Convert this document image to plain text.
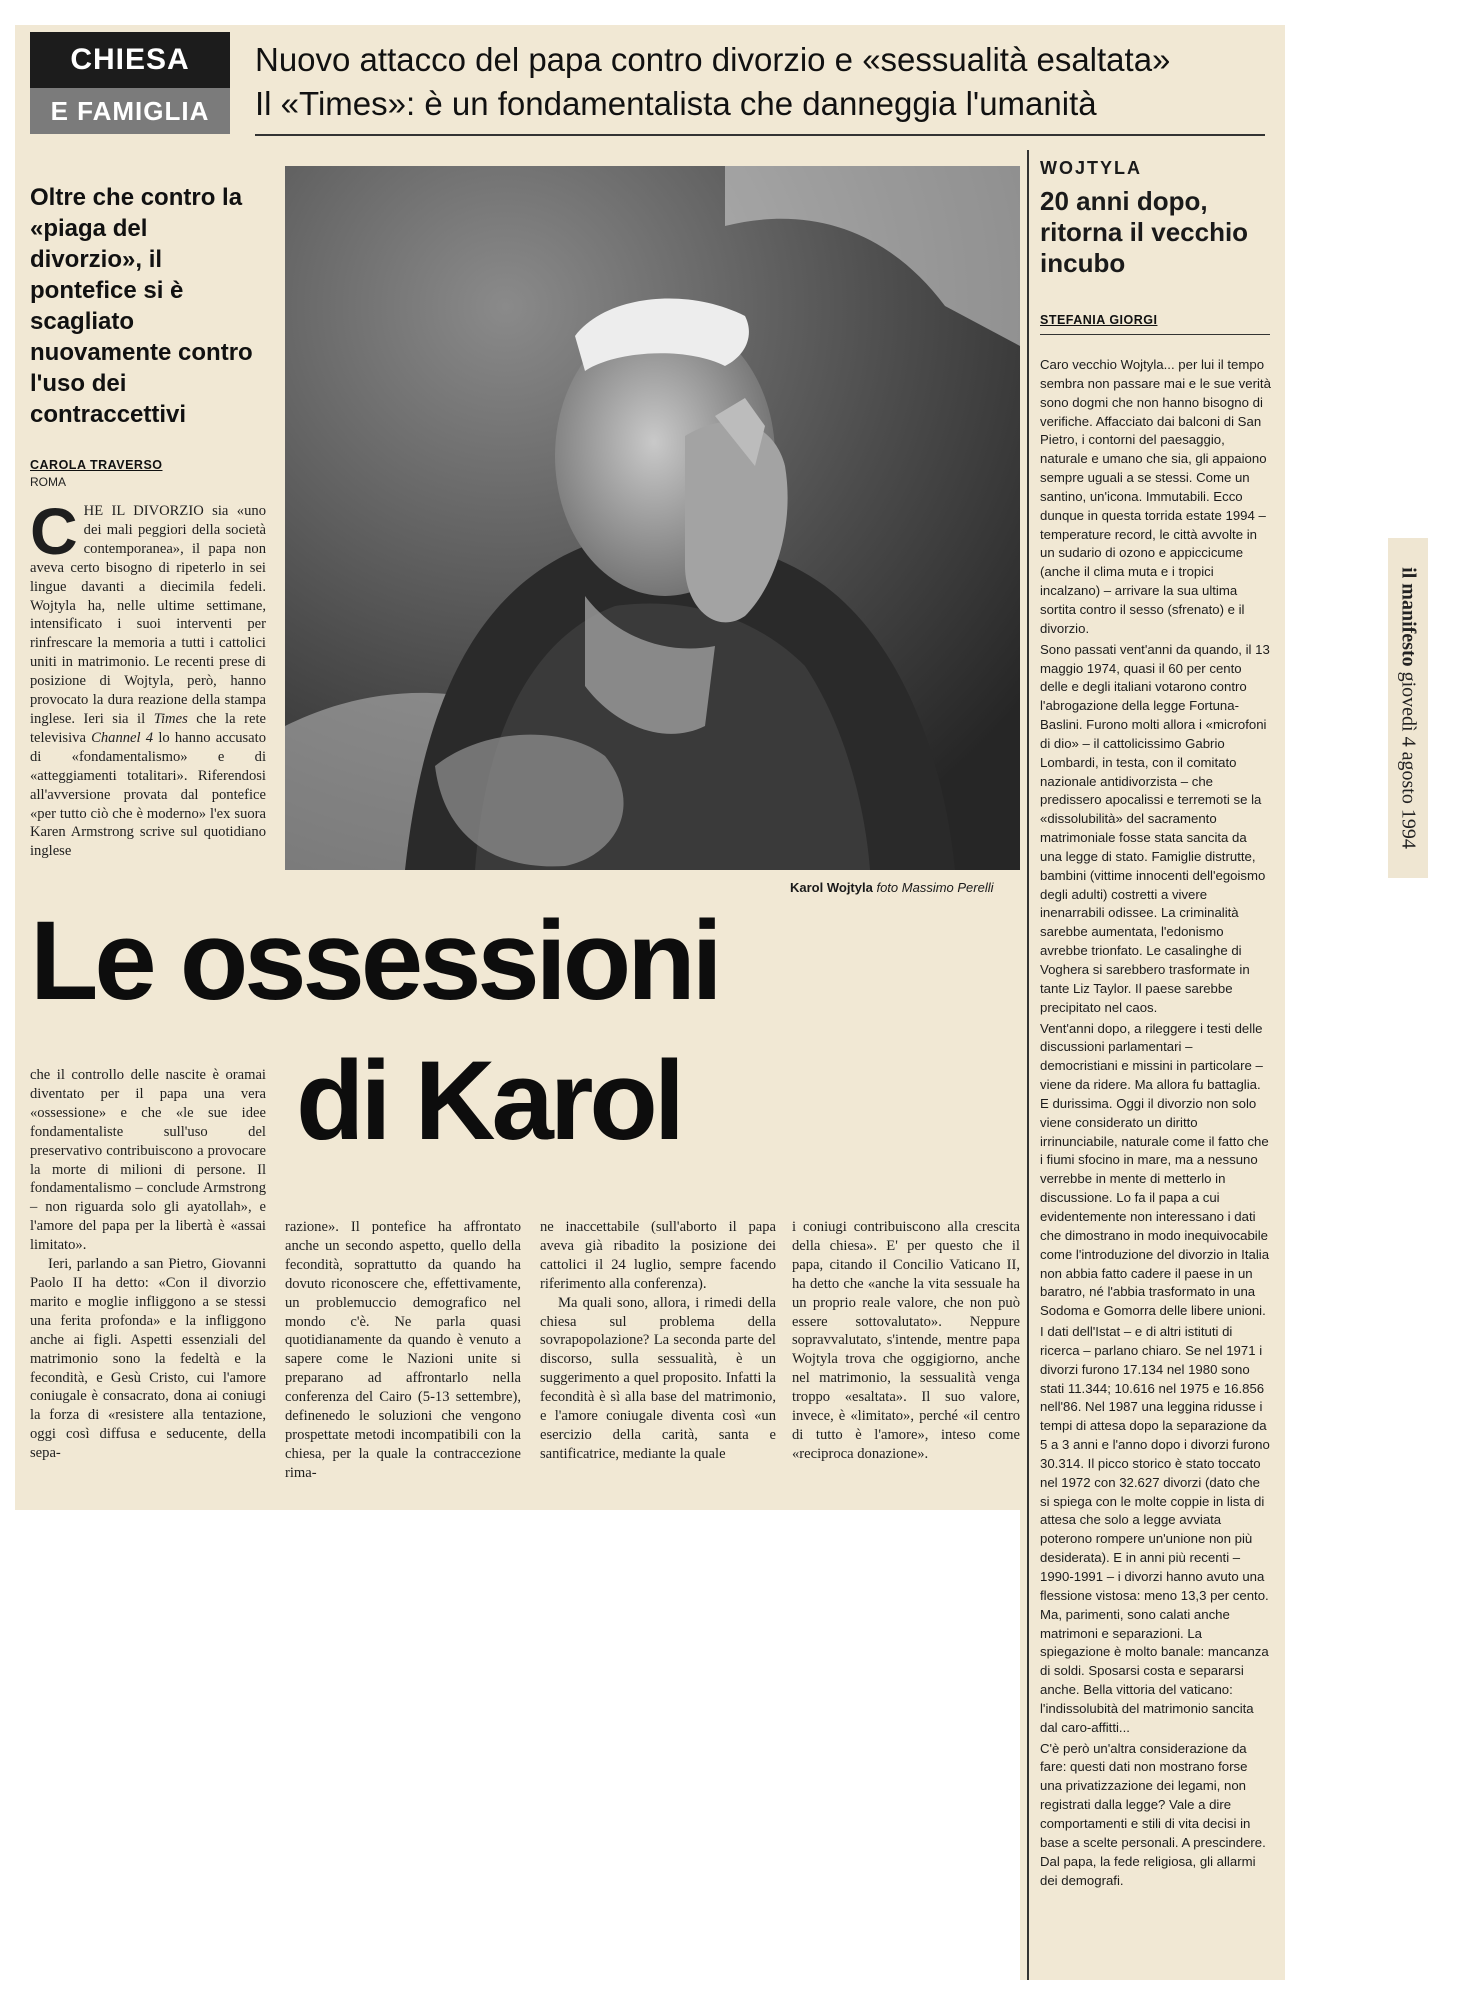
CHIESA
E FAMIGLIA
Nuovo attacco del papa contro divorzio e «sessualità esaltata»
Il «Times»: è un fondamentalista che danneggia l'umanità
Oltre che contro la «piaga del divorzio», il pontefice si è scagliato nuovamente contro l'uso dei contraccettivi
CAROLA TRAVERSO
ROMA

CHE IL DIVORZIO sia «uno dei mali peggiori della società contemporanea», il papa non aveva certo bisogno di ripeterlo in sei lingue davanti a diecimila fedeli. Wojtyla ha, nelle ultime settimane, intensificato i suoi interventi per rinfrescare la memoria a tutti i cattolici uniti in matrimonio. Le recenti prese di posizione di Wojtyla, però, hanno provocato la dura reazione della stampa inglese. Ieri sia il Times che la rete televisiva Channel 4 lo hanno accusato di «fondamentalismo» e di «atteggiamenti totalitari». Riferendosi all'avversione provata dal pontefice «per tutto ciò che è moderno» l'ex suora Karen Armstrong scrive sul quotidiano inglese

Karol Wojtyla foto Massimo Perelli
Le ossessioni
di Karol

che il controllo delle nascite è oramai diventato per il papa una vera «ossessione» e che «le sue idee fondamentaliste sull'uso del preservativo contribuiscono a provocare la morte di milioni di persone. Il fondamentalismo – conclude Armstrong – non riguarda solo gli ayatollah», e l'amore del papa per la libertà è «assai limitato».

Ieri, parlando a san Pietro, Giovanni Paolo II ha detto: «Con il divorzio marito e moglie infliggono a se stessi una ferita profonda» e la infliggono anche ai figli. Aspetti essenziali del matrimonio sono la fedeltà e la fecondità, e Gesù Cristo, cui l'amore coniugale è consacrato, dona ai coniugi la forza di «resistere alla tentazione, oggi così diffusa e seducente, della sepa-

razione». Il pontefice ha affrontato anche un secondo aspetto, quello della fecondità, soprattutto da quando ha dovuto riconoscere che, effettivamente, un problemuccio demografico nel mondo c'è. Ne parla quasi quotidianamente da quando è venuto a sapere come le Nazioni unite si preparano ad affrontarlo nella conferenza del Cairo (5-13 settembre), definenedo le soluzioni che vengono prospettate metodi incompatibili con la chiesa, per la quale la contraccezione rima-

ne inaccettabile (sull'aborto il papa aveva già ribadito la posizione dei cattolici il 24 luglio, sempre facendo riferimento alla conferenza).

Ma quali sono, allora, i rimedi della chiesa sul problema della sovrapopolazione? La seconda parte del discorso, sulla sessualità, è un suggerimento a quel proposito. Infatti la fecondità è sì alla base del matrimonio, e l'amore coniugale diventa così «un esercizio della carità, santa e santificatrice, mediante la quale

i coniugi contribuiscono alla crescita della chiesa». E' per questo che il papa, citando il Concilio Vaticano II, ha detto che «anche la vita sessuale ha un proprio reale valore, che non può essere sottovalutato». Neppure sopravvalutato, s'intende, mentre papa Wojtyla trova che oggigiorno, anche nel matrimonio, la sessualità venga troppo «esaltata». Il suo valore, invece, è «limitato», perché «il centro di tutto è l'amore», inteso come «reciproca donazione».

WOJTYLA
20 anni dopo, ritorna il vecchio incubo
STEFANIA GIORGI

Caro vecchio Wojtyla... per lui il tempo sembra non passare mai e le sue verità sono dogmi che non hanno bisogno di verifiche. Affacciato dai balconi di San Pietro, i contorni del paesaggio, naturale e umano che sia, gli appaiono sempre uguali a se stessi. Come un santino, un'icona. Immutabili. Ecco dunque in questa torrida estate 1994 – temperature record, le città avvolte in un sudario di ozono e appiccicume (anche il clima muta e i tropici incalzano) – arrivare la sua ultima sortita contro il sesso (sfrenato) e il divorzio.

Sono passati vent'anni da quando, il 13 maggio 1974, quasi il 60 per cento delle e degli italiani votarono contro l'abrogazione della legge Fortuna-Baslini. Furono molti allora i «microfoni di dio» – il cattolicissimo Gabrio Lombardi, in testa, con il comitato nazionale antidivorzista – che predissero apocalissi e terremoti se la «dissolubilità» del sacramento matrimoniale fosse stata sancita da una legge di stato. Famiglie distrutte, bambini (vittime innocenti dell'egoismo degli adulti) costretti a vivere inenarrabili odissee. La criminalità sarebbe aumentata, l'edonismo avrebbe trionfato. Le casalinghe di Voghera si sarebbero trasformate in tante Liz Taylor. Il paese sarebbe precipitato nel caos.

Vent'anni dopo, a rileggere i testi delle discussioni parlamentari – democristiani e missini in particolare – viene da ridere. Ma allora fu battaglia. E durissima. Oggi il divorzio non solo viene considerato un diritto irrinunciabile, naturale come il fatto che i fiumi sfocino in mare, ma a nessuno verrebbe in mente di metterlo in discussione. Lo fa il papa a cui evidentemente non interessano i dati che dimostrano in modo inequivocabile come l'introduzione del divorzio in Italia non abbia fatto cadere il paese in un baratro, né l'abbia trasformato in una Sodoma e Gomorra delle libere unioni.

I dati dell'Istat – e di altri istituti di ricerca – parlano chiaro. Se nel 1971 i divorzi furono 17.134 nel 1980 sono stati 11.344; 10.616 nel 1975 e 16.856 nell'86. Nel 1987 una leggina ridusse i tempi di attesa dopo la separazione da 5 a 3 anni e l'anno dopo i divorzi furono 30.314. Il picco storico è stato toccato nel 1972 con 32.627 divorzi (dato che si spiega con le molte coppie in lista di attesa che solo a legge avviata poterono rompere un'unione non più desiderata). E in anni più recenti – 1990-1991 – i divorzi hanno avuto una flessione vistosa: meno 13,3 per cento. Ma, parimenti, sono calati anche matrimoni e separazioni. La spiegazione è molto banale: mancanza di soldi. Sposarsi costa e separarsi anche. Bella vittoria del vaticano: l'indissolubità del matrimonio sancita dal caro-affitti...

C'è però un'altra considerazione da fare: questi dati non mostrano forse una privatizzazione dei legami, non registrati dalla legge? Vale a dire comportamenti e stili di vita decisi in base a scelte personali. A prescindere. Dal papa, la fede religiosa, gli allarmi dei demografi.

il manifesto giovedì 4 agosto 1994
